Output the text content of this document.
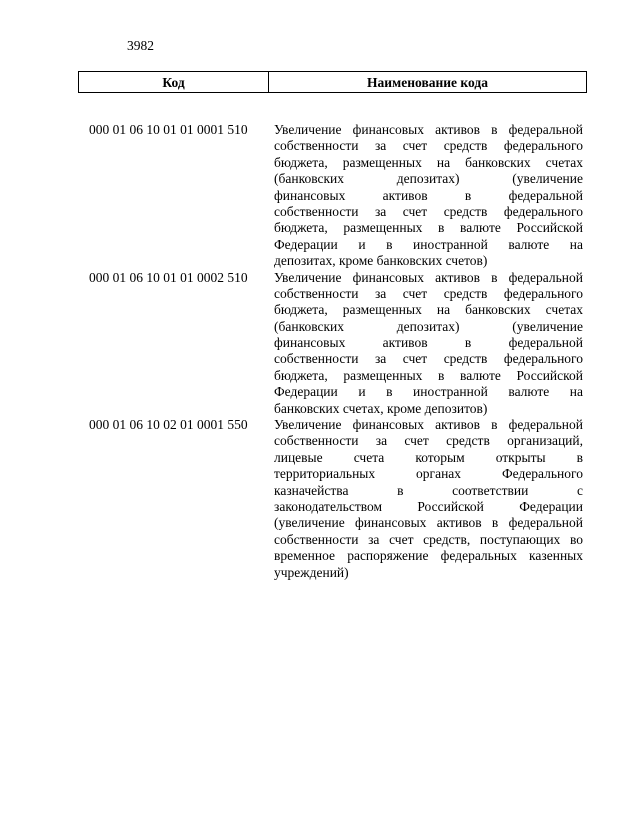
3982
Код	Наименование кода
000 01 06 10 01 01 0001 510	Увеличение финансовых активов в федеральной
собственности за счет средств федерального
бюджета, размещенных на банковских счетах
(банковских депозитах) (увеличение
финансовых активов в федеральной
собственности за счет средств федерального
бюджета, размещенных в валюте Российской
Федерации и в иностранной валюте на
депозитах, кроме банковских счетов)
000 01 06 10 01 01 0002 510	Увеличение финансовых активов в федеральной
собственности за счет средств федерального
бюджета, размещенных на банковских счетах
(банковских депозитах) (увеличение
финансовых активов в федеральной
собственности за счет средств федерального
бюджета, размещенных в валюте Российской
Федерации и в иностранной валюте на
банковских счетах, кроме депозитов)
000 01 06 10 02 01 0001 550	Увеличение финансовых активов в федеральной
собственности за счет средств организаций,
лицевые счета которым открыты в
территориальных органах Федерального
казначейства в соответствии с
законодательством Российской Федерации
(увеличение финансовых активов в федеральной
собственности за счет средств, поступающих во
временное распоряжение федеральных казенных
учреждений)
